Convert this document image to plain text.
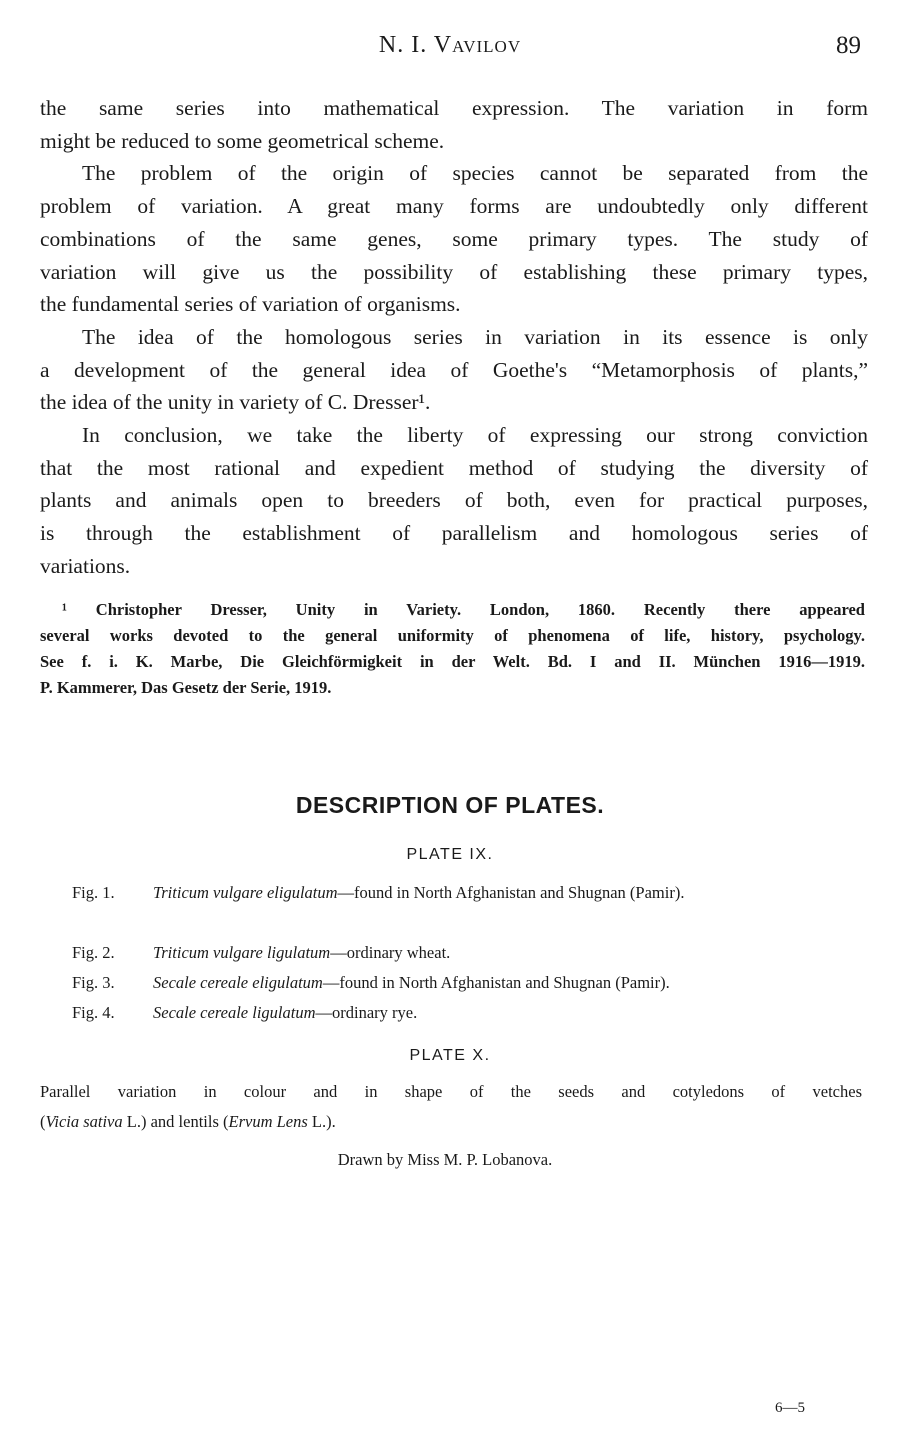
N. I. Vavilov	89
the same series into mathematical expression. The variation in form
might be reduced to some geometrical scheme.
The problem of the origin of species cannot be separated from the
problem of variation. A great many forms are undoubtedly only different
combinations of the same genes, some primary types. The study of
variation will give us the possibility of establishing these primary types,
the fundamental series of variation of organisms.
The idea of the homologous series in variation in its essence is only
a development of the general idea of Goethe's “Metamorphosis of plants,”
the idea of the unity in variety of C. Dresser¹.
In conclusion, we take the liberty of expressing our strong conviction
that the most rational and expedient method of studying the diversity of
plants and animals open to breeders of both, even for practical purposes,
is through the establishment of parallelism and homologous series of
variations.
¹ Christopher Dresser, Unity in Variety. London, 1860. Recently there appeared
several works devoted to the general uniformity of phenomena of life, history, psychology.
See f. i. K. Marbe, Die Gleichförmigkeit in der Welt. Bd. I and II. München 1916—1919.
P. Kammerer, Das Gesetz der Serie, 1919.
DESCRIPTION OF PLATES.
PLATE IX.
Fig. 1. Triticum vulgare eligulatum—found in North Afghanistan and Shugnan (Pamir).
Fig. 2. Triticum vulgare ligulatum—ordinary wheat.
Fig. 3. Secale cereale eligulatum—found in North Afghanistan and Shugnan (Pamir).
Fig. 4. Secale cereale ligulatum—ordinary rye.
PLATE X.
Parallel variation in colour and in shape of the seeds and cotyledons of vetches
(Vicia sativa L.) and lentils (Ervum Lens L.).
Drawn by Miss M. P. Lobanova.
6—5
